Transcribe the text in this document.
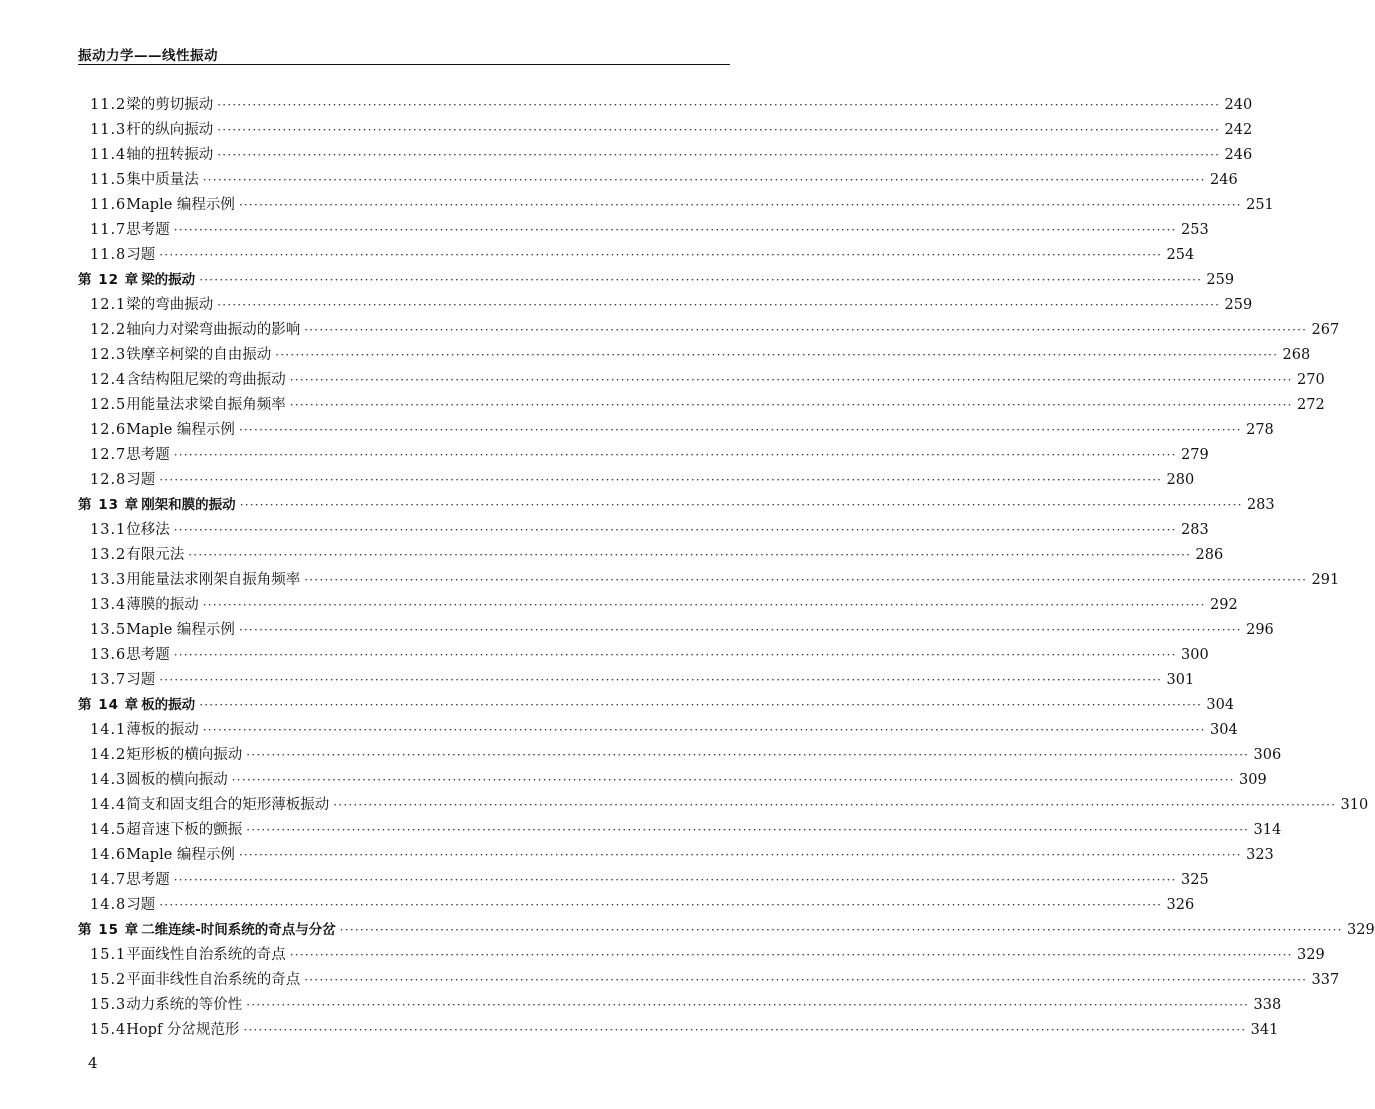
振动力学——线性振动
11.2 梁的剪切振动 ········································································································································································································ 240
11.3 杆的纵向振动 ········································································································································································································ 242
11.4 轴的扭转振动 ········································································································································································································ 246
11.5 集中质量法 ········································································································································································································ 246
11.6 Maple 编程示例 ········································································································································································································ 251
11.7 思考题 ········································································································································································································ 253
11.8 习题 ········································································································································································································ 254
第 12 章 梁的振动 ········································································································································································································ 259
12.1 梁的弯曲振动 ········································································································································································································ 259
12.2 轴向力对梁弯曲振动的影响 ········································································································································································································ 267
12.3 铁摩辛柯梁的自由振动 ········································································································································································································ 268
12.4 含结构阻尼梁的弯曲振动 ········································································································································································································ 270
12.5 用能量法求梁自振角频率 ········································································································································································································ 272
12.6 Maple 编程示例 ········································································································································································································ 278
12.7 思考题 ········································································································································································································ 279
12.8 习题 ········································································································································································································ 280
第 13 章 刚架和膜的振动 ········································································································································································································ 283
13.1 位移法 ········································································································································································································ 283
13.2 有限元法 ········································································································································································································ 286
13.3 用能量法求刚架自振角频率 ········································································································································································································ 291
13.4 薄膜的振动 ········································································································································································································ 292
13.5 Maple 编程示例 ········································································································································································································ 296
13.6 思考题 ········································································································································································································ 300
13.7 习题 ········································································································································································································ 301
第 14 章 板的振动 ········································································································································································································ 304
14.1 薄板的振动 ········································································································································································································ 304
14.2 矩形板的横向振动 ········································································································································································································ 306
14.3 圆板的横向振动 ········································································································································································································ 309
14.4 简支和固支组合的矩形薄板振动 ········································································································································································································ 310
14.5 超音速下板的颤振 ········································································································································································································ 314
14.6 Maple 编程示例 ········································································································································································································ 323
14.7 思考题 ········································································································································································································ 325
14.8 习题 ········································································································································································································ 326
第 15 章 二维连续-时间系统的奇点与分岔 ········································································································································································································ 329
15.1 平面线性自治系统的奇点 ········································································································································································································ 329
15.2 平面非线性自治系统的奇点 ········································································································································································································ 337
15.3 动力系统的等价性 ········································································································································································································ 338
15.4 Hopf 分岔规范形 ········································································································································································································ 341
4
